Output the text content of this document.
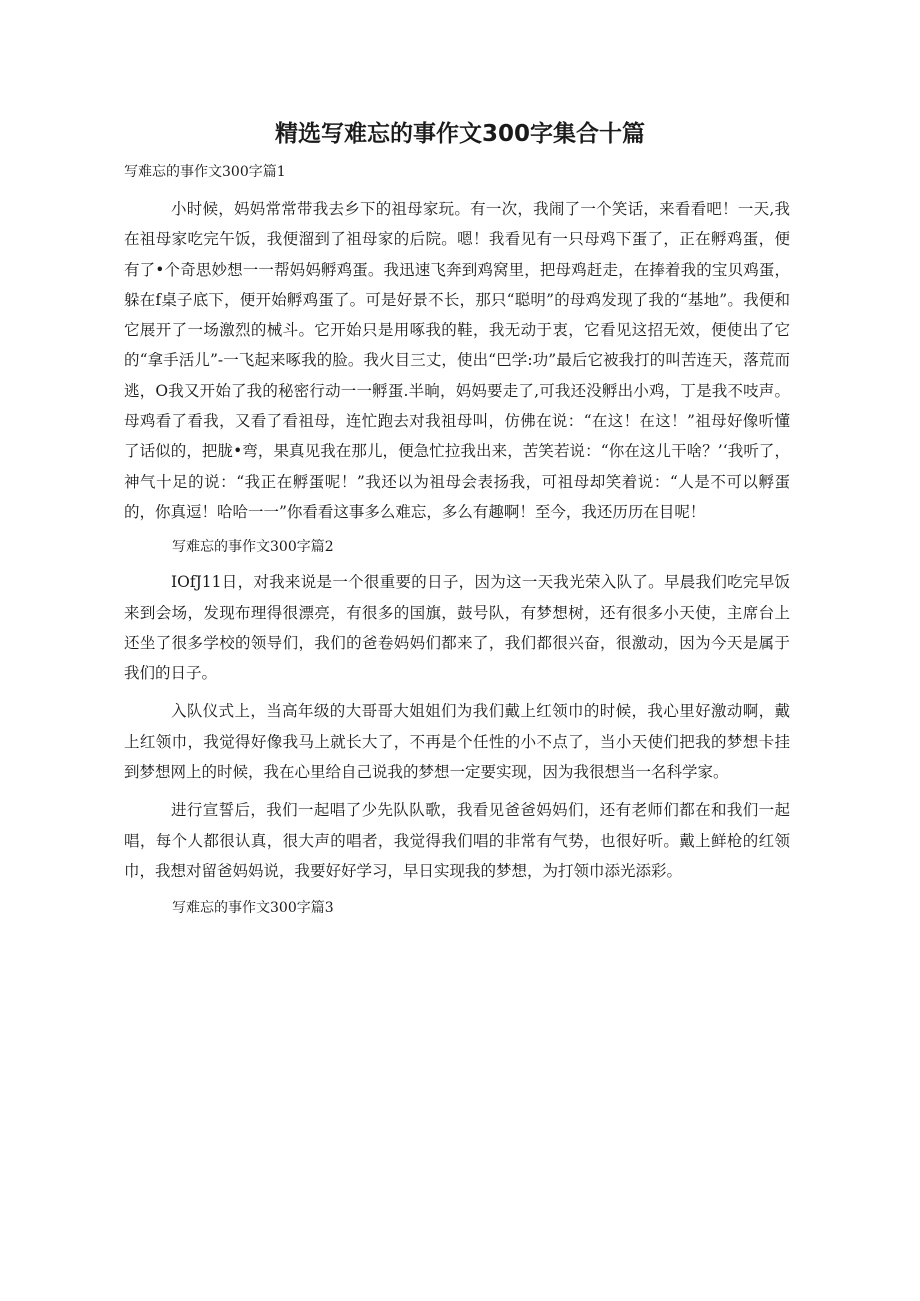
精选写难忘的事作文300字集合十篇
写难忘的事作文300字篇1

小时候，妈妈常常带我去乡下的祖母家玩。有一次，我闹了一个笑话，来看看吧！一天,我在祖母家吃完午饭，我便溜到了祖母家的后院。嗯！我看见有一只母鸡下蛋了，正在孵鸡蛋，便有了•个奇思妙想一一帮妈妈孵鸡蛋。我迅速飞奔到鸡窝里，把母鸡赶走，在捧着我的宝贝鸡蛋，躲在f桌子底下，便开始孵鸡蛋了。可是好景不长，那只“聪明”的母鸡发现了我的“基地”。我便和它展开了一场激烈的械斗。它开始只是用啄我的鞋，我无动于衷，它看见这招无效，便使出了它的“拿手活儿”-一飞起来啄我的脸。我火目三丈，使出“巴学:功”最后它被我打的叫苦连天，落荒而逃，O我又开始了我的秘密行动一一孵蛋.半晌，妈妈要走了,可我还没孵出小鸡，丁是我不吱声。母鸡看了看我，又看了看祖母，连忙跑去对我祖母叫，仿佛在说：“在这！在这！”祖母好像听懂了话似的，把胧•弯，果真见我在那儿，便急忙拉我出来，苦笑若说：“你在这儿干啥？’‘我听了，神气十足的说：“我正在孵蛋呢！”我还以为祖母会表扬我，可祖母却笑着说：“人是不可以孵蛋的，你真逗！哈哈一一”你看看这事多么难忘，多么有趣啊！至今，我还历历在目呢！

写难忘的事作文300字篇2

IOfJ11日，对我来说是一个很重要的日子，因为这一天我光荣入队了。早晨我们吃完早饭来到会场，发现布理得很漂亮，有很多的国旗，鼓号队，有梦想树，还有很多小天使，主席台上还坐了很多学校的领导们，我们的爸卷妈妈们都来了，我们都很兴奋，很激动，因为今天是属于我们的日子。

入队仪式上，当高年级的大哥哥大姐姐们为我们戴上红领巾的时候，我心里好激动啊，戴上红领巾，我觉得好像我马上就长大了，不再是个任性的小不点了，当小天使们把我的梦想卡挂到梦想网上的时候，我在心里给自己说我的梦想一定要实现，因为我很想当一名科学家。

进行宣誓后，我们一起唱了少先队队歌，我看见爸爸妈妈们，还有老师们都在和我们一起唱，每个人都很认真，很大声的唱者，我觉得我们唱的非常有气势，也很好听。戴上鲜枪的红领巾，我想对留爸妈妈说，我要好好学习，早日实现我的梦想，为打领巾添光添彩。

写难忘的事作文300字篇3
